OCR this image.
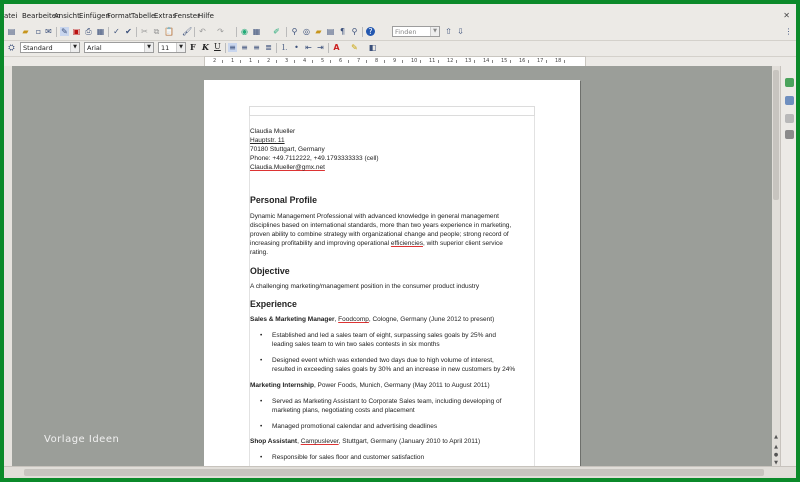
atei Bearbeiten
Ansicht Einfügen
Format Tabelle
Extras
Fenster
Hilfe	✕
▤ ▰ ▫ ✉ ✎ ▣ ⎙ ▦ ✓ ✔ ✂ ⧉ 📋 🖌 ↶ ↷ ◉ ▦ ✐ ⚲ ◎ ▰ ▤ ¶ ⚲ ?	Finden	▼ ⇧ ⇩	⋮
⛭	Standard	▼	Arial	▼	11	▼ F K U ≡ ≡ ≡ ≣ ⒈ • ⇤ ⇥ A ✎ ◧
2	1	1	2	3	4	5	6	7	8	9	10 11 12 13 14 15 16 17 18
Claudia Mueller
Hauptstr. 11
70180 Stuttgart, Germany
Phone: +49.7112222, +49.1793333333 (cell)
Claudia.Mueller@gmx.net
Personal Profile
Dynamic Management Professional with advanced knowledge in general management
disciplines based on international standards, more than two years experience in marketing,
proven ability to combine strategy with organizational change and people; strong record of
increasing profitability and improving operational efficiencies, with superior client service
rating.
Objective
A challenging marketing/management position in the consumer product industry
Experience
Sales & Marketing Manager, Foodcomp, Cologne, Germany (June 2012 to present)
• Established and led a sales team of eight, surpassing sales goals by 25% and
leading sales team to win two sales contests in six months
• Designed event which was extended two days due to high volume of interest,
resulted in exceeding sales goals by 30% and an increase in new customers by 24%
Marketing Internship, Power Foods, Munich, Germany (May 2011 to August 2011)
• Served as Marketing Assistant to Corporate Sales team, including developing of
marketing plans, negotiating costs and placement
• Managed promotional calendar and advertising deadlines
Shop Assistant, Campuslever, Stuttgart, Germany (January 2010 to April 2011)
• Responsible for sales floor and customer satisfaction
▲
▲
●
▼
Vorlage Ideen
